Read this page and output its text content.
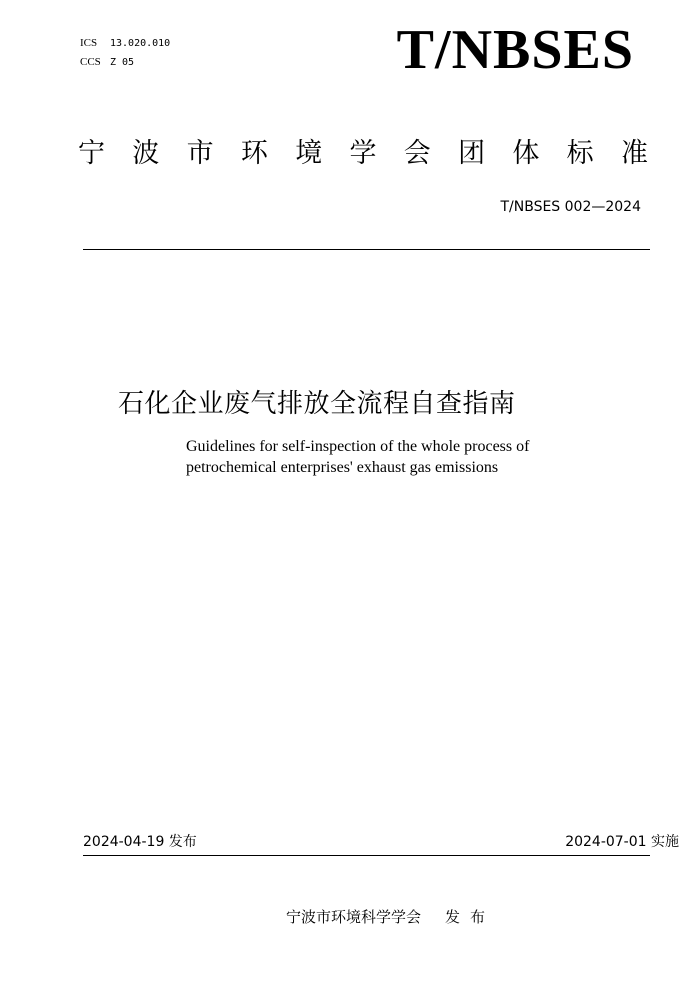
ICS 13.020.010
CCS Z 05	T/NBSES
宁 波 市 环 境 学 会 团 体 标 准
T/NBSES 002—2024
石化企业废气排放全流程自查指南
Guidelines for self-inspection of the whole process of
petrochemical enterprises' exhaust gas emissions
2024-04-19 发布	2024-07-01 实施
宁波市环境科学学会 发布
